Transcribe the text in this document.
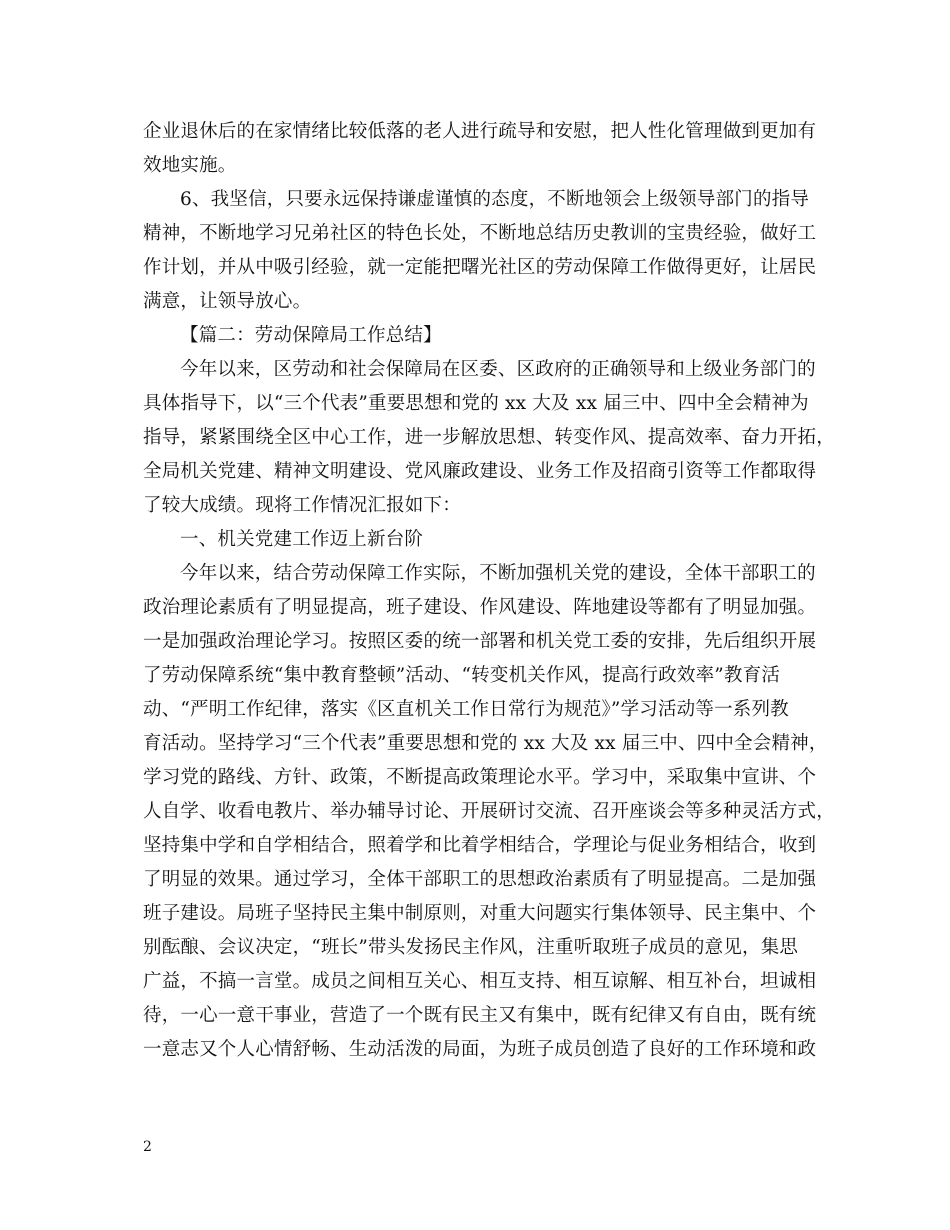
企业退休后的在家情绪比较低落的老人进行疏导和安慰，把人性化管理做到更加有
效地实施。
6、我坚信，只要永远保持谦虚谨慎的态度，不断地领会上级领导部门的指导
精神，不断地学习兄弟社区的特色长处，不断地总结历史教训的宝贵经验，做好工
作计划，并从中吸引经验，就一定能把曙光社区的劳动保障工作做得更好，让居民
满意，让领导放心。
【篇二：劳动保障局工作总结】
今年以来，区劳动和社会保障局在区委、区政府的正确领导和上级业务部门的
具体指导下，以“三个代表”重要思想和党的 xx 大及 xx 届三中、四中全会精神为
指导，紧紧围绕全区中心工作，进一步解放思想、转变作风、提高效率、奋力开拓，
全局机关党建、精神文明建设、党风廉政建设、业务工作及招商引资等工作都取得
了较大成绩。现将工作情况汇报如下：
一、机关党建工作迈上新台阶
今年以来，结合劳动保障工作实际，不断加强机关党的建设，全体干部职工的
政治理论素质有了明显提高，班子建设、作风建设、阵地建设等都有了明显加强。
一是加强政治理论学习。按照区委的统一部署和机关党工委的安排，先后组织开展
了劳动保障系统“集中教育整顿”活动、“转变机关作风，提高行政效率”教育活
动、“严明工作纪律，落实《区直机关工作日常行为规范》”学习活动等一系列教
育活动。坚持学习“三个代表”重要思想和党的 xx 大及 xx 届三中、四中全会精神，
学习党的路线、方针、政策，不断提高政策理论水平。学习中，采取集中宣讲、个
人自学、收看电教片、举办辅导讨论、开展研讨交流、召开座谈会等多种灵活方式，
坚持集中学和自学相结合，照着学和比着学相结合，学理论与促业务相结合，收到
了明显的效果。通过学习，全体干部职工的思想政治素质有了明显提高。二是加强
班子建设。局班子坚持民主集中制原则，对重大问题实行集体领导、民主集中、个
别酝酿、会议决定，“班长”带头发扬民主作风，注重听取班子成员的意见，集思
广益，不搞一言堂。成员之间相互关心、相互支持、相互谅解、相互补台，坦诚相
待，一心一意干事业，营造了一个既有民主又有集中，既有纪律又有自由，既有统
一意志又个人心情舒畅、生动活泼的局面，为班子成员创造了良好的工作环境和政
2
